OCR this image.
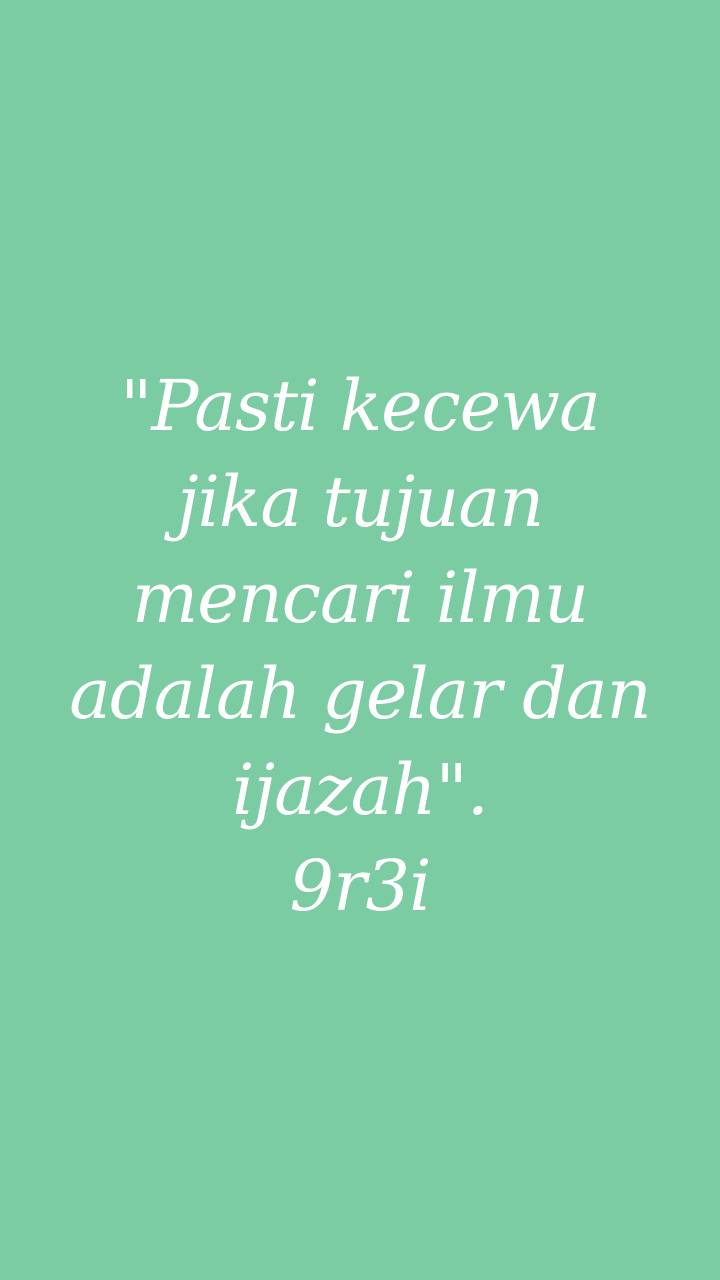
"Pasti kecewa
jika tujuan
mencari ilmu
adalah gelar dan
ijazah".
9r3i
